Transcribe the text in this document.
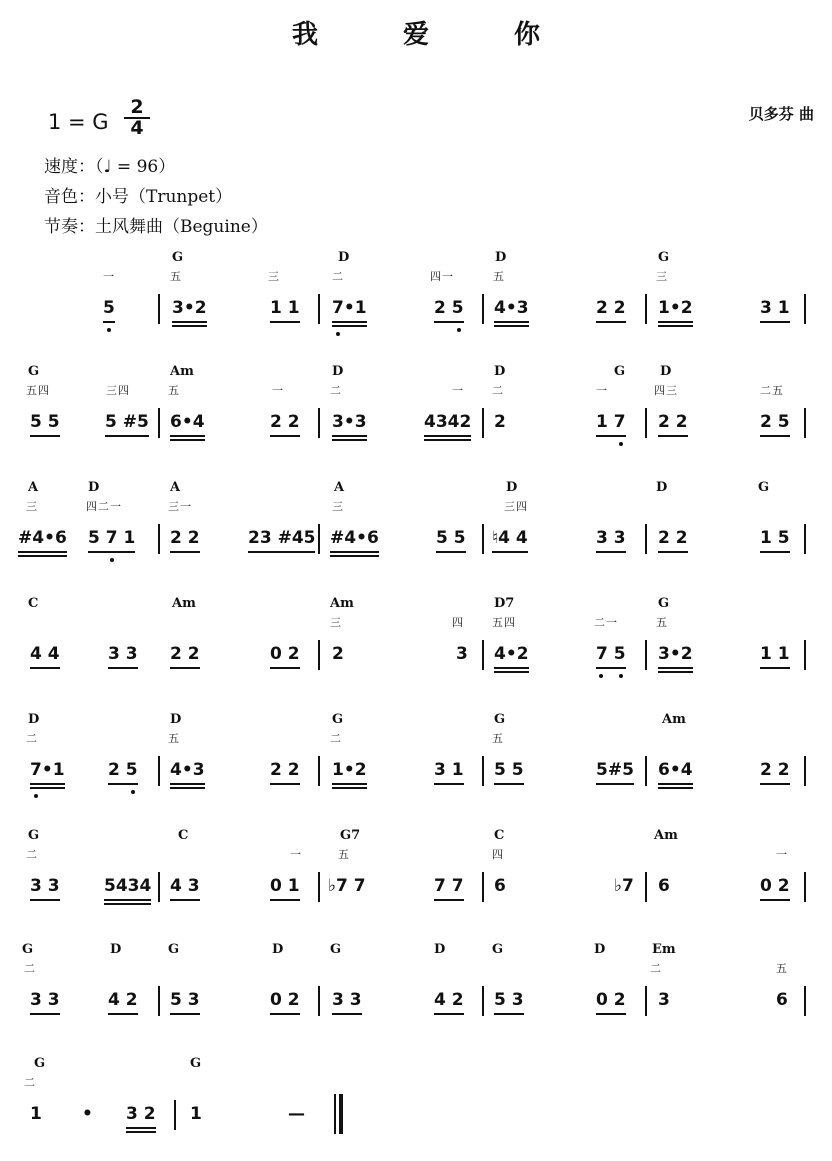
我 爱 你
贝多芬 曲
1 = G $\frac{2}{4}$
速度：（♩ = 96）
音色：小号（Trunpet）
节奏：土风舞曲（Beguine）
5	3•2	1 1 7•1	2 5 4•3	2 2 1•2	3 1
一
G
五	三
D
二	四一
D
五
G
三
5 5	5 #5 6•4	2 2 3•3	4342 2	1 7 2 2	2 5
G
五四	三四
Am
五	一
D
二	一
D
二
G
一
D
四三	二五
#4•6 5 7 1 2 2	23 #45 #4•6	5 5 ♮4 4	3 3 2 2	1 5
A
三
D
四二一
A
三一
A
三
D
三四
D	G
4 4	3 3 2 2	0 2 2	3 4•2	7 5 3•2	1 1
C	Am	Am
三	四
D7
五四	二一
G
五
7•1	2 5 4•3	2 2 1•2	3 1 5 5	5#5 6•4	2 2
D
二
D
五
G
二
G
五
Am
3 3	5434 4 3	0 1 ♭7 7	7 7 6	♭7 6	0 2
G
二
C
一
G7
五
C
四
Am
一
3 3	4 2 5 3	0 2 3 3	4 2 5 3	0 2 3	6
G
二
D	G	D	G	D	G	D	Em
二	五
1 • 3 2 1	—
G
二
G
